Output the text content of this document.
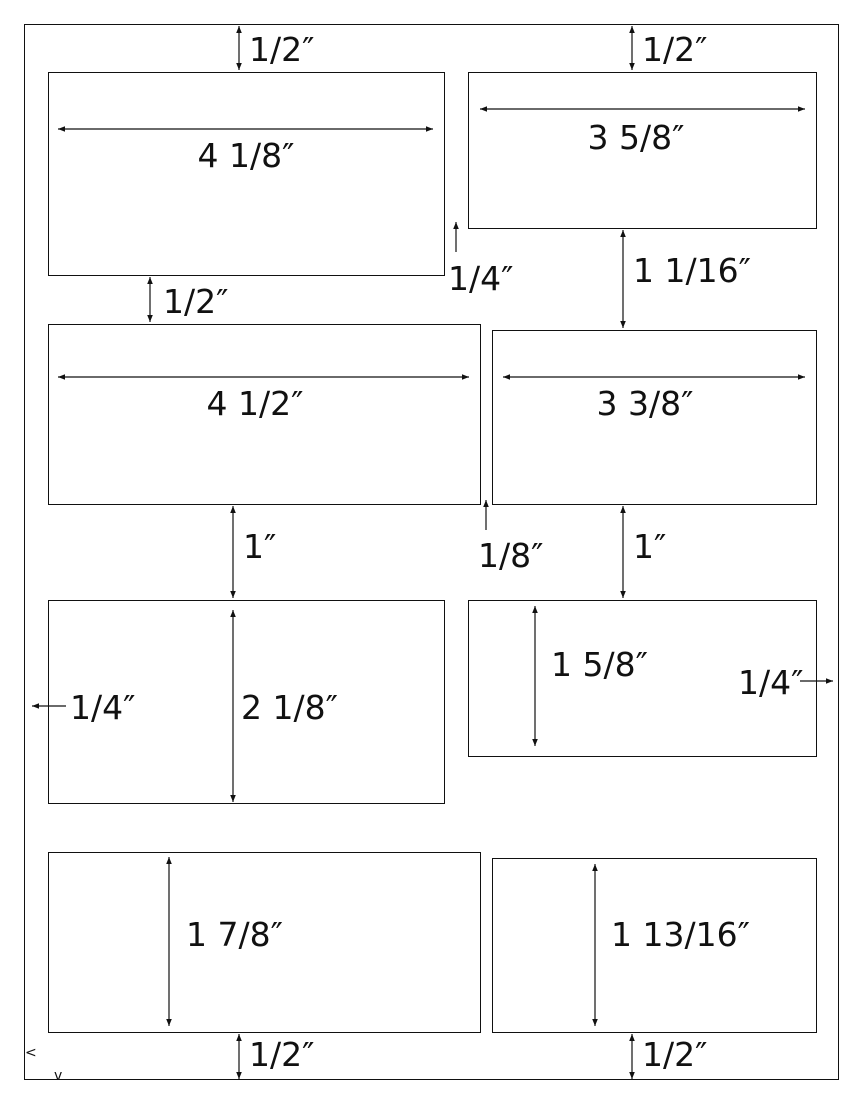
1/2″	1/2″
4 1/8″	3 5/8″
1/4″	1 1/16″
1/2″
4 1/2″	3 3/8″
1″	1/8″	1″
1/4″	2 1/8″
1 5/8″	1/4″
1 7/8″	1 13/16″
1/2″	1/2″
<
v
